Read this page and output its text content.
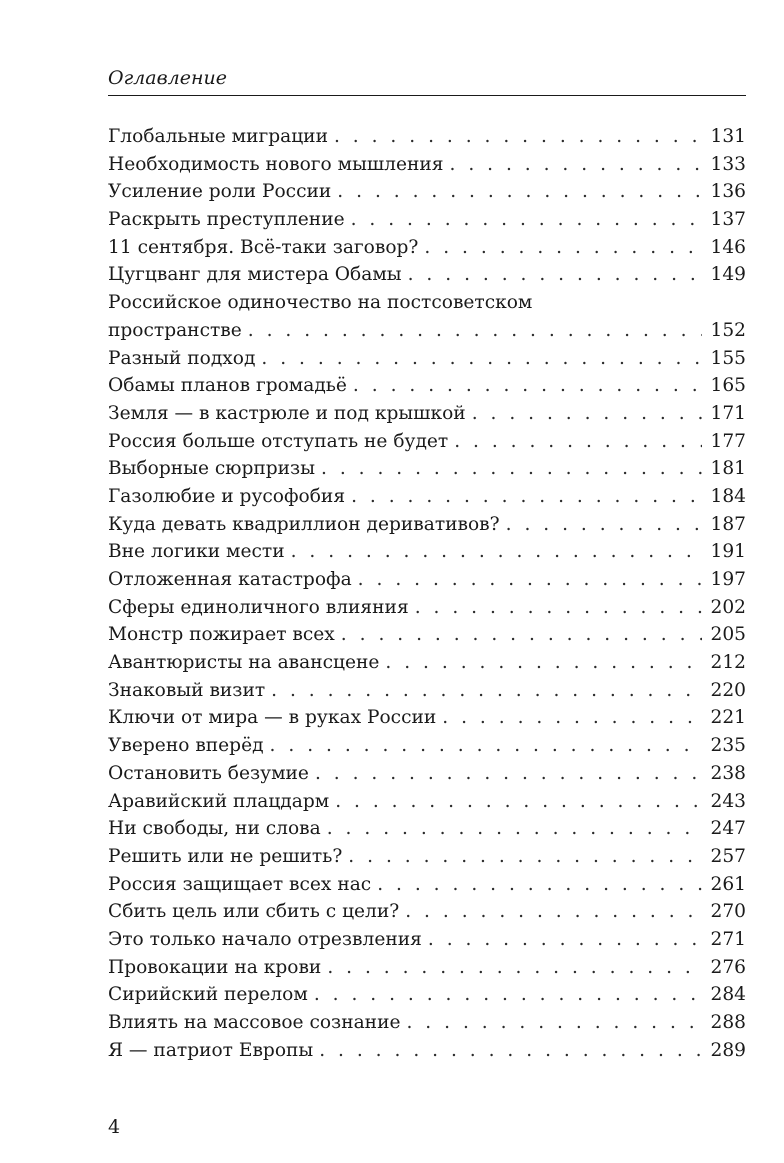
Оглавление
Глобальные миграции . . .	131
Необходимость нового мышления . . .	133
Усиление роли России . . .	136
Раскрыть преступление . . .	137
11 сентября. Всё-таки заговор? . . .	146
Цугцванг для мистера Обамы . . .	149
Российское одиночество на постсоветском
пространстве . . .	152
Разный подход . . .	155
Обамы планов громадьё . . .	165
Земля — в кастрюле и под крышкой . . .	171
Россия больше отступать не будет . . .	177
Выборные сюрпризы . . .	181
Газолюбие и русофобия . . .	184
Куда девать квадриллион деривативов? . . .	187
Вне логики мести . . .	191
Отложенная катастрофа . . .	197
Сферы единоличного влияния . . .	202
Монстр пожирает всех . . .	205
Авантюристы на авансцене . . .	212
Знаковый визит . . .	220
Ключи от мира — в руках России . . .	221
Уверено вперёд . . .	235
Остановить безумие . . .	238
Аравийский плацдарм . . .	243
Ни свободы, ни слова . . .	247
Решить или не решить? . . .	257
Россия защищает всех нас . . .	261
Сбить цель или сбить с цели? . . .	270
Это только начало отрезвления . . .	271
Провокации на крови . . .	276
Сирийский перелом . . .	284
Влиять на массовое сознание . . .	288
Я — патриот Европы . . .	289
4
